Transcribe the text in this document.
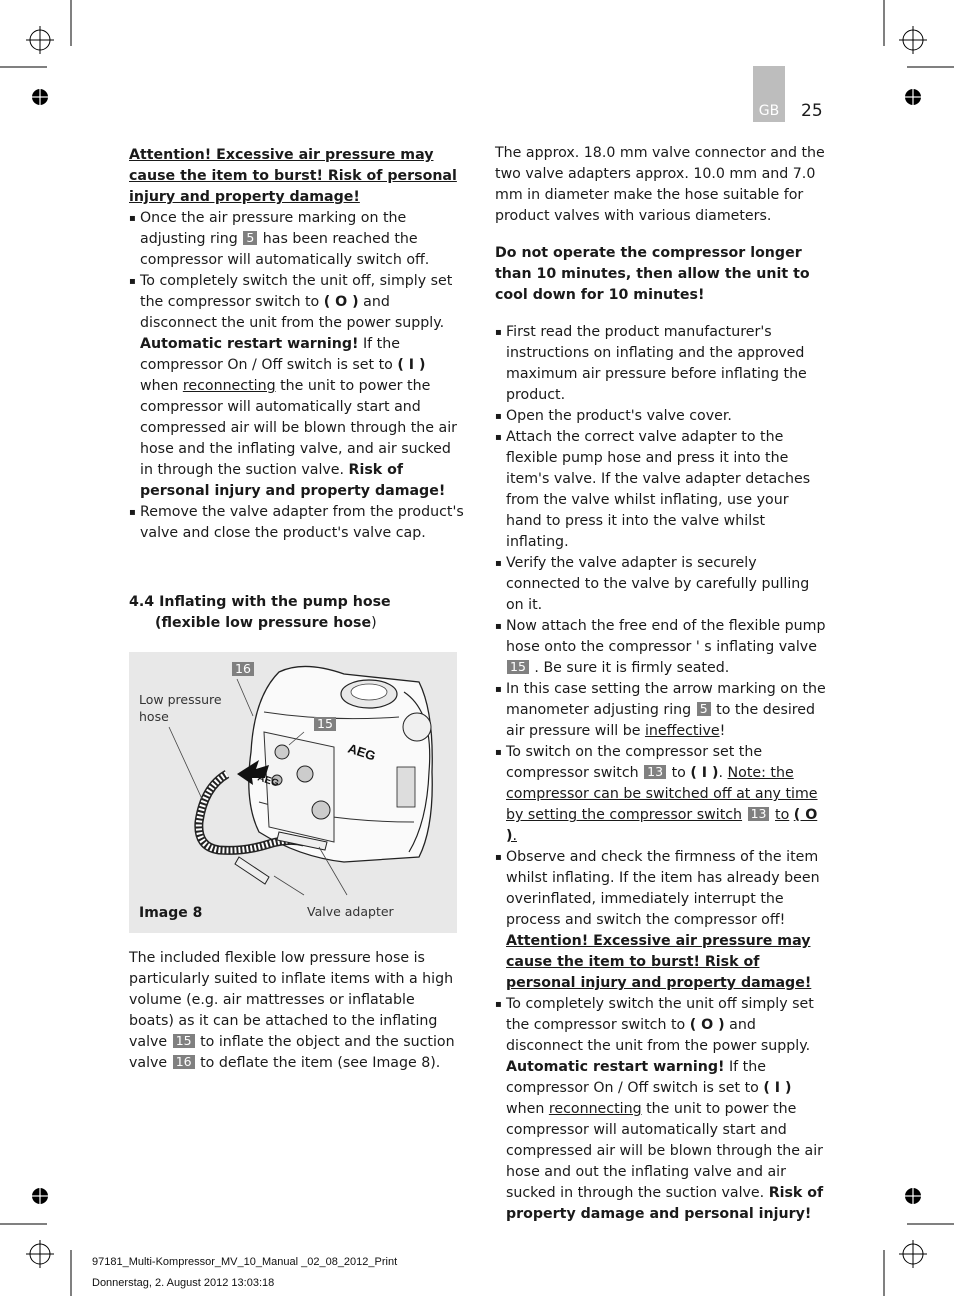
GB	25

Attention! Excessive air pressure may cause the item to burst! Risk of personal injury and property damage!

▪ Once the air pressure marking on the adjusting ring 5 has been reached the compressor will automatically switch off.

▪ To completely switch the unit off, simply set the compressor switch to ( O ) and disconnect the unit from the power supply. Automatic restart warning! If the compressor On / Off switch is set to ( I ) when reconnecting the unit to power the compressor will automatically start and compressed air will be blown through the air hose and the inflating valve, and air sucked in through the suction valve. Risk of personal injury and property damage!

▪ Remove the valve adapter from the product's valve and close the product's valve cap.

4.4 Inflating with the pump hose
(flexible low pressure hose)
AEG
AEG
16
15
Low pressure
hose
Valve adapter
Image 8

The included flexible low pressure hose is particularly suited to inflate items with a high volume (e.g. air mattresses or inflatable boats) as it can be attached to the inflating valve 15 to inflate the object and the suction valve 16 to deflate the item (see Image 8).

The approx. 18.0 mm valve connector and the two valve adapters approx. 10.0 mm and 7.0 mm in diameter make the hose suitable for product valves with various diameters.

Do not operate the compressor longer than 10 minutes, then allow the unit to cool down for 10 minutes!

▪ First read the product manufacturer's instructions on inflating and the approved maximum air pressure before inflating the product.

▪ Open the product's valve cover.

▪ Attach the correct valve adapter to the flexible pump hose and press it into the item's valve. If the valve adapter detaches from the valve whilst inflating, use your hand to press it into the valve whilst inflating.

▪ Verify the valve adapter is securely connected to the valve by carefully pulling on it.

▪ Now attach the free end of the flexible pump hose onto the compressor ' s inflating valve 15 . Be sure it is firmly seated.

▪ In this case setting the arrow marking on the manometer adjusting ring 5 to the desired air pressure will be ineffective!

▪ To switch on the compressor set the compressor switch 13 to ( I ). Note: the compressor can be switched off at any time by setting the compressor switch 13 to ( O ).

▪ Observe and check the firmness of the item whilst inflating. If the item has already been overinflated, immediately interrupt the process and switch the compressor off!
Attention! Excessive air pressure may cause the item to burst! Risk of personal injury and property damage!

▪ To completely switch the unit off simply set the compressor switch to ( O ) and disconnect the unit from the power supply. Automatic restart warning! If the compressor On / Off switch is set to ( I ) when reconnecting the unit to power the compressor will automatically start and compressed air will be blown through the air hose and out the inflating valve and air sucked in through the suction valve. Risk of property damage and personal injury!

97181_Multi-Kompressor_MV_10_Manual _02_08_2012_Print
Donnerstag, 2. August 2012 13:03:18
